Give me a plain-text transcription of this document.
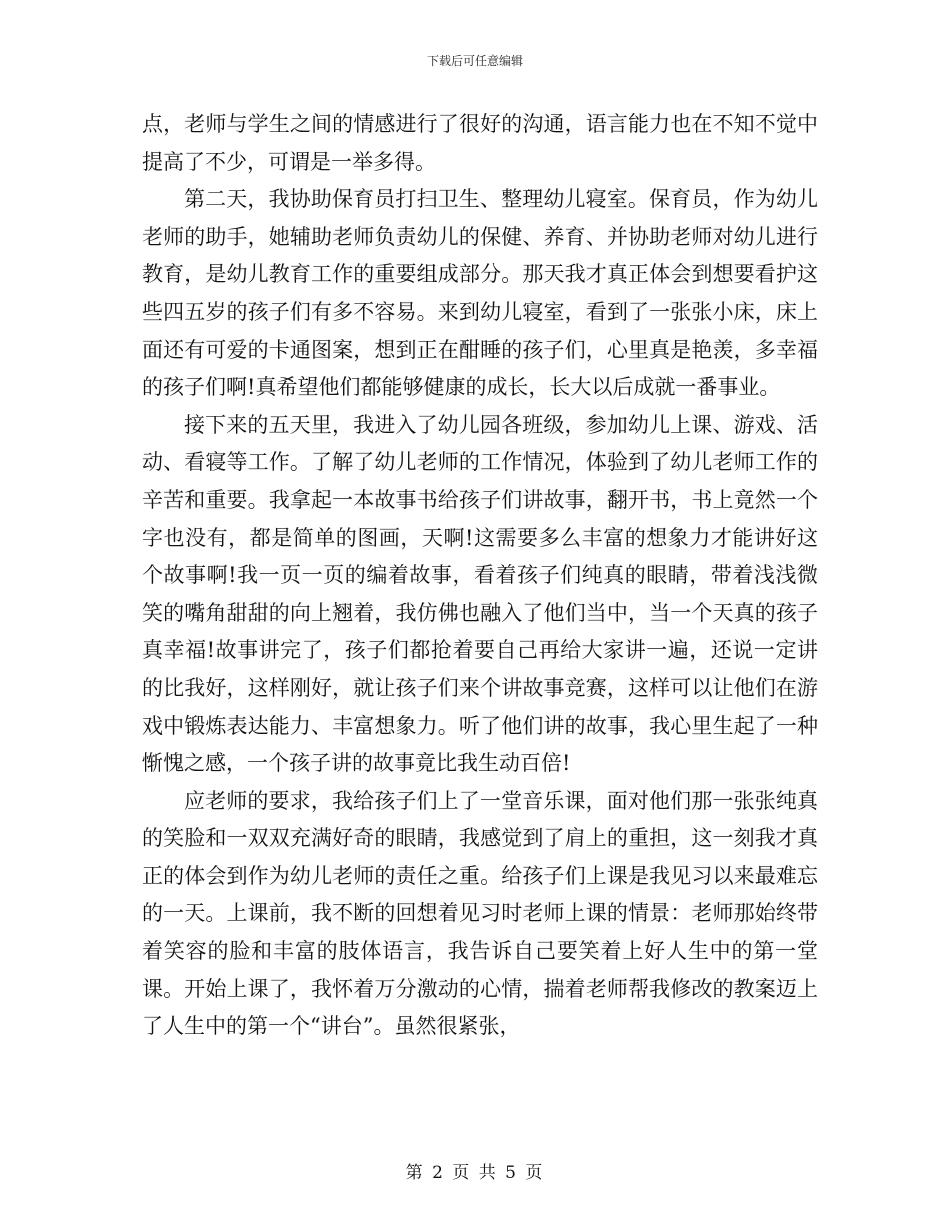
下载后可任意编辑

点，老师与学生之间的情感进行了很好的沟通，语言能力也在不知不觉中提高了不少，可谓是一举多得。

第二天，我协助保育员打扫卫生、整理幼儿寝室。保育员，作为幼儿老师的助手，她辅助老师负责幼儿的保健、养育、并协助老师对幼儿进行教育，是幼儿教育工作的重要组成部分。那天我才真正体会到想要看护这些四五岁的孩子们有多不容易。来到幼儿寝室，看到了一张张小床，床上面还有可爱的卡通图案，想到正在酣睡的孩子们，心里真是艳羡，多幸福的孩子们啊!真希望他们都能够健康的成长，长大以后成就一番事业。

接下来的五天里，我进入了幼儿园各班级，参加幼儿上课、游戏、活动、看寝等工作。了解了幼儿老师的工作情况，体验到了幼儿老师工作的辛苦和重要。我拿起一本故事书给孩子们讲故事，翻开书，书上竟然一个字也没有，都是简单的图画，天啊!这需要多么丰富的想象力才能讲好这个故事啊!我一页一页的编着故事，看着孩子们纯真的眼睛，带着浅浅微笑的嘴角甜甜的向上翘着，我仿佛也融入了他们当中，当一个天真的孩子真幸福!故事讲完了，孩子们都抢着要自己再给大家讲一遍，还说一定讲的比我好，这样刚好，就让孩子们来个讲故事竞赛，这样可以让他们在游戏中锻炼表达能力、丰富想象力。听了他们讲的故事，我心里生起了一种惭愧之感，一个孩子讲的故事竟比我生动百倍!

应老师的要求，我给孩子们上了一堂音乐课，面对他们那一张张纯真的笑脸和一双双充满好奇的眼睛，我感觉到了肩上的重担，这一刻我才真正的体会到作为幼儿老师的责任之重。给孩子们上课是我见习以来最难忘的一天。上课前，我不断的回想着见习时老师上课的情景：老师那始终带着笑容的脸和丰富的肢体语言，我告诉自己要笑着上好人生中的第一堂课。开始上课了，我怀着万分激动的心情，揣着老师帮我修改的教案迈上了人生中的第一个“讲台”。虽然很紧张，

第 2 页 共 5 页
